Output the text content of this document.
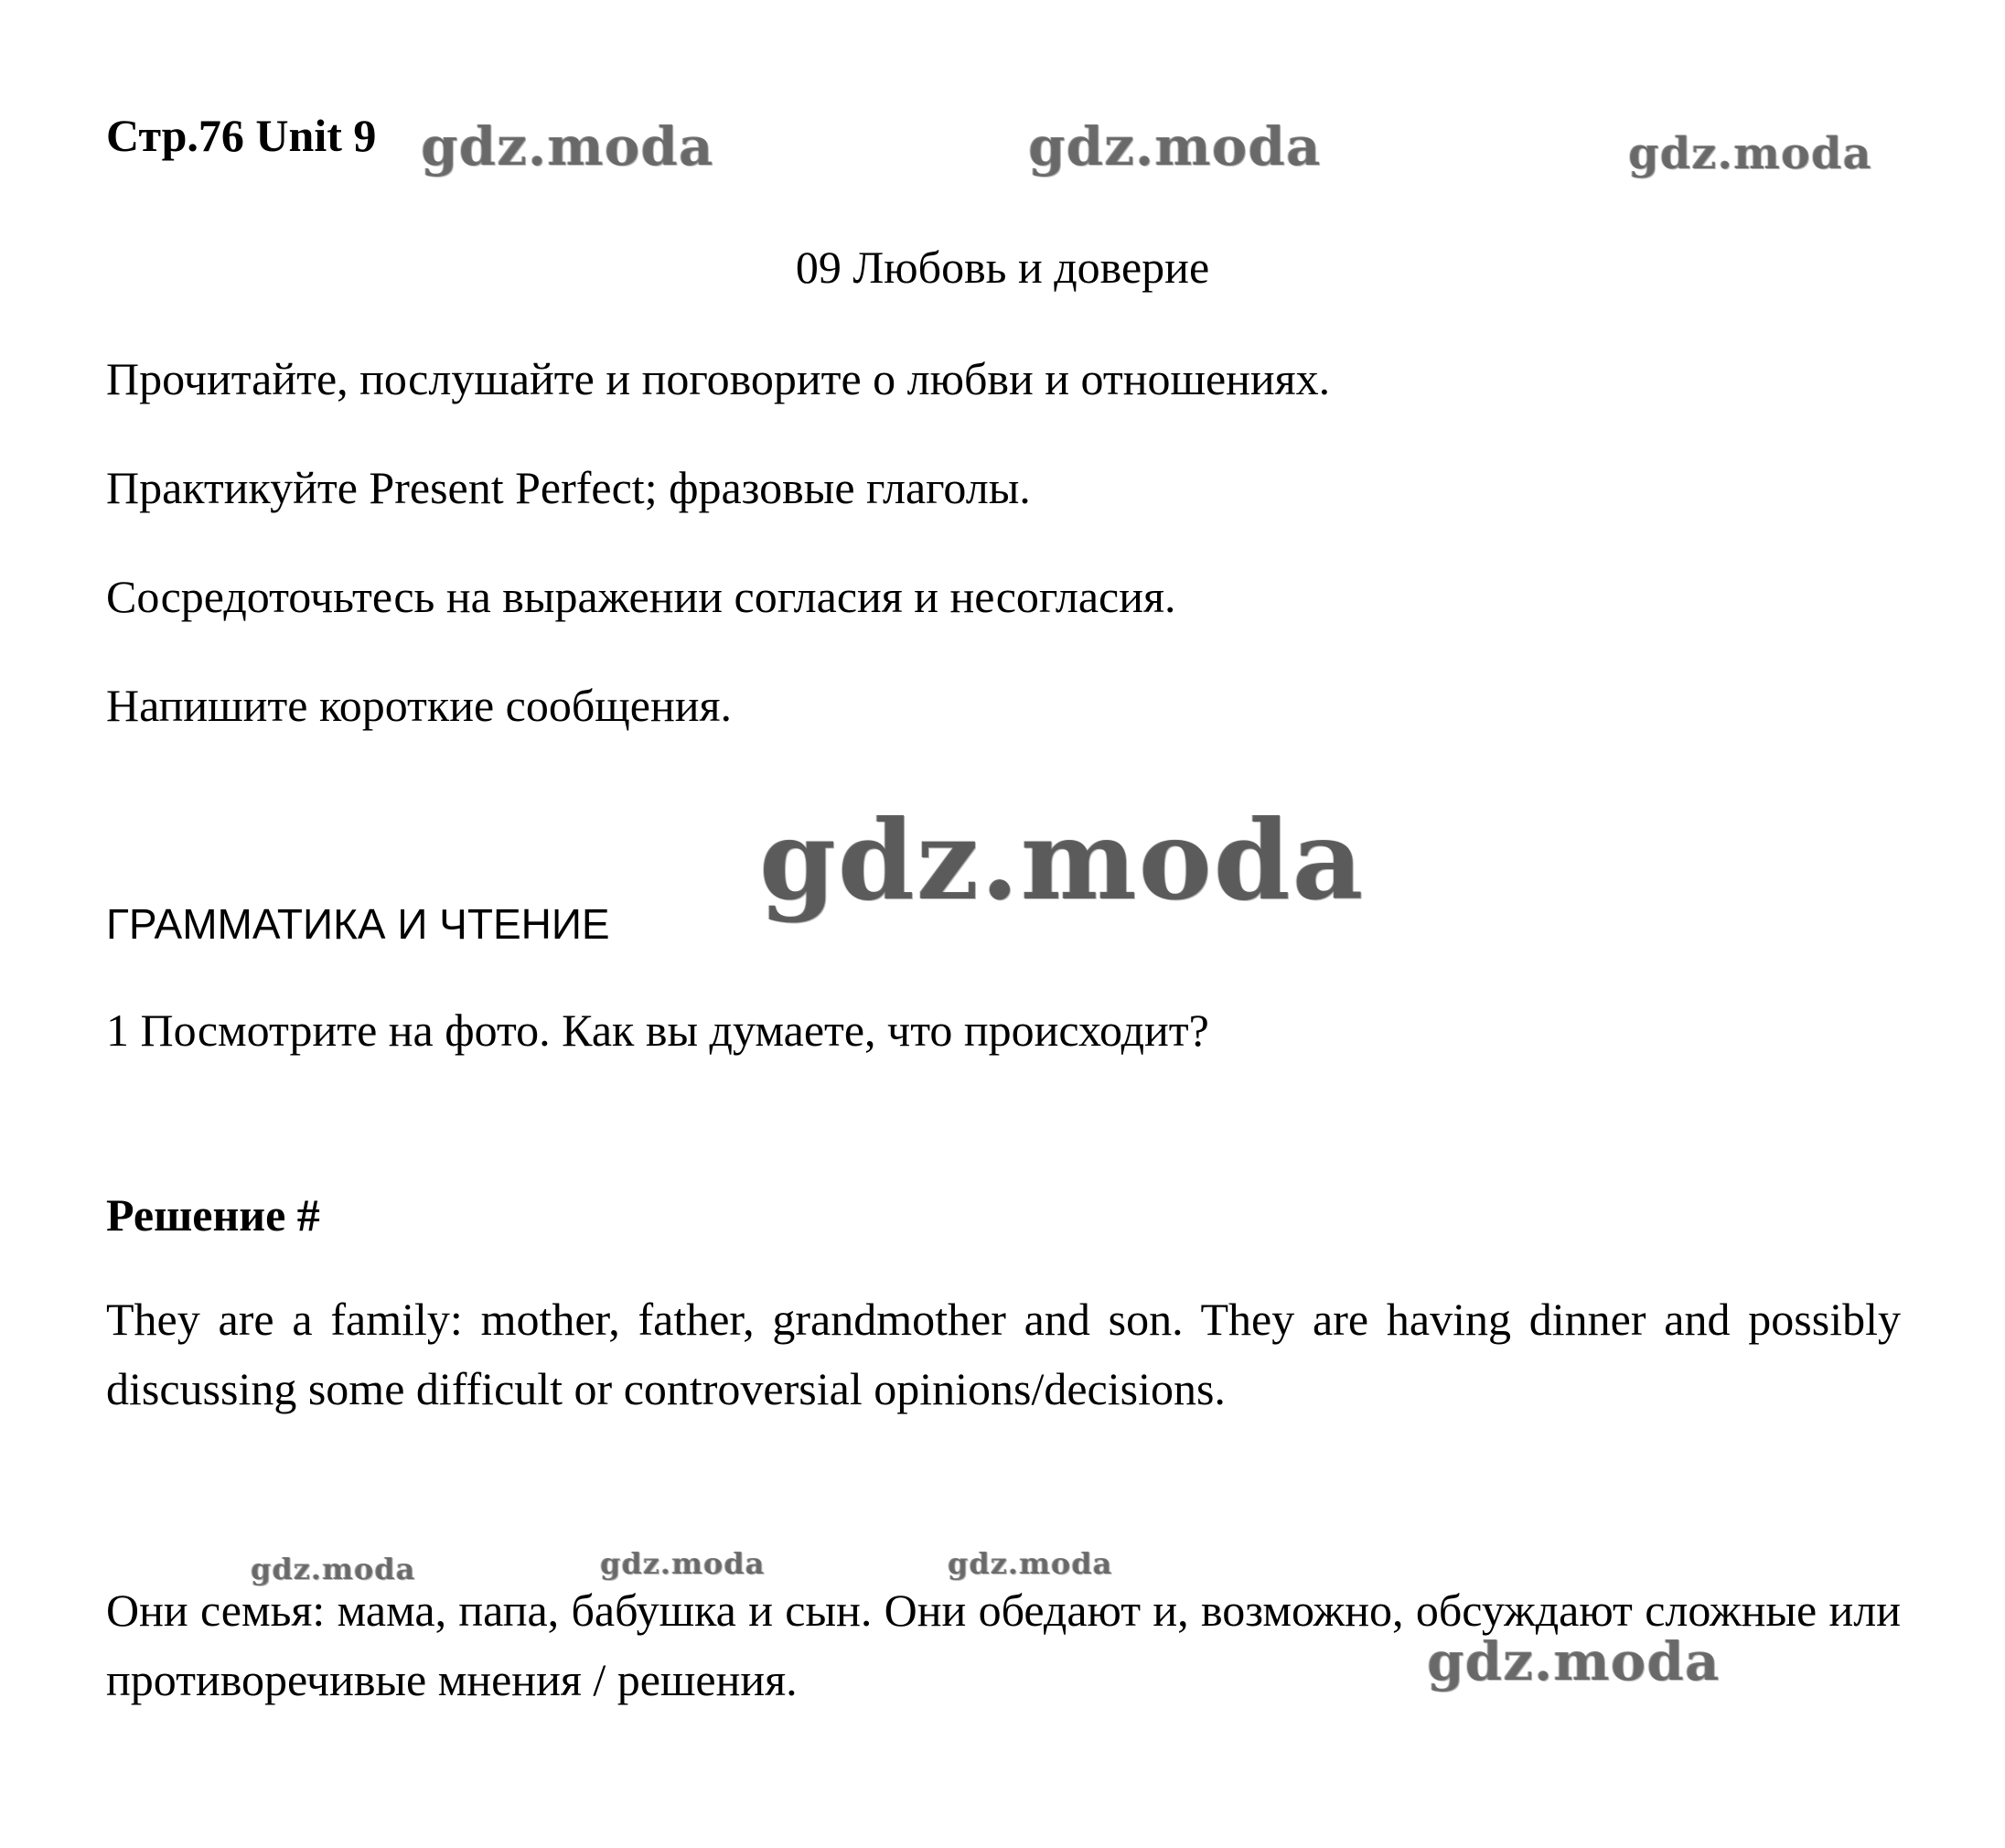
Стр.76 Unit 9
09 Любовь и доверие
Прочитайте, послушайте и поговорите о любви и отношениях.
Практикуйте Present Perfect; фразовые глаголы.
Сосредоточьтесь на выражении согласия и несогласия.
Напишите короткие сообщения.
ГРАММАТИКА И ЧТЕНИЕ
1 Посмотрите на фото. Как вы думаете, что происходит?
Решение #
They are a family: mother, father, grandmother and son. They are having dinner and possibly discussing some difficult or controversial opinions/decisions.
Они семья: мама, папа, бабушка и сын. Они обедают и, возможно, обсуждают сложные или противоречивые мнения / решения.
gdz.moda	gdz.moda	gdz.moda
gdz.moda
gdz.moda	gdz.moda	gdz.moda
gdz.moda
